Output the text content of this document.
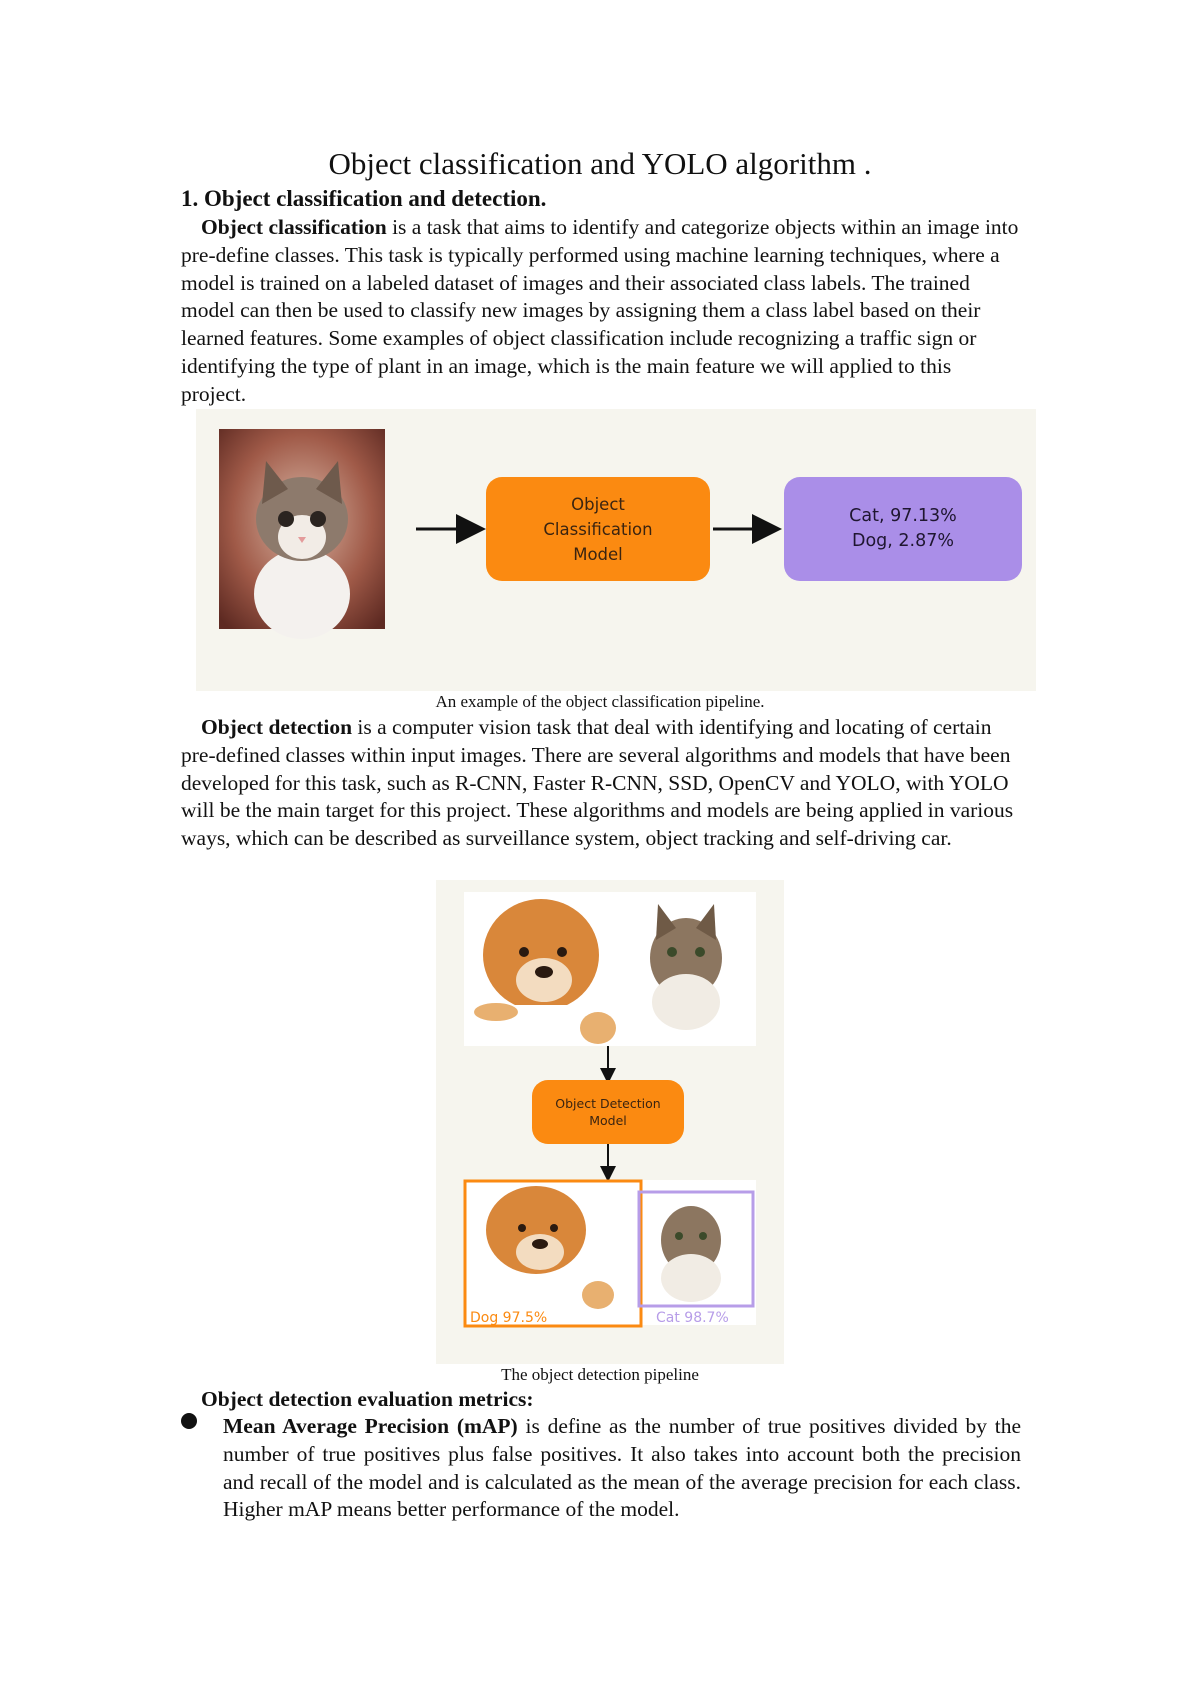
Object classification and YOLO algorithm .
1. Object classification and detection.

Object classification is a task that aims to identify and categorize objects within an image into pre-define classes. This task is typically performed using machine learning techniques, where a model is trained on a labeled dataset of images and their associated class labels. The trained model can then be used to classify new images by assigning them a class label based on their learned features. Some examples of object classification include recognizing a traffic sign or identifying the type of plant in an image, which is the main feature we will applied to this project.

Object
Classification
Model
Cat, 97.13%
Dog, 2.87%
An example of the object classification pipeline.

Object detection is a computer vision task that deal with identifying and locating of certain pre-defined classes within input images. There are several algorithms and models that have been developed for this task, such as R-CNN, Faster R-CNN, SSD, OpenCV and YOLO, with YOLO will be the main target for this project. These algorithms and models are being applied in various ways, which can be described as surveillance system, object tracking and self-driving car.

Object Detection
Model
Dog 97.5%	Cat 98.7%
The object detection pipeline
Object detection evaluation metrics:
Mean Average Precision (mAP) is define as the number of true positives divided by the number of true positives plus false positives. It also takes into account both the precision and recall of the model and is calculated as the mean of the average precision for each class. Higher mAP means better performance of the model.
